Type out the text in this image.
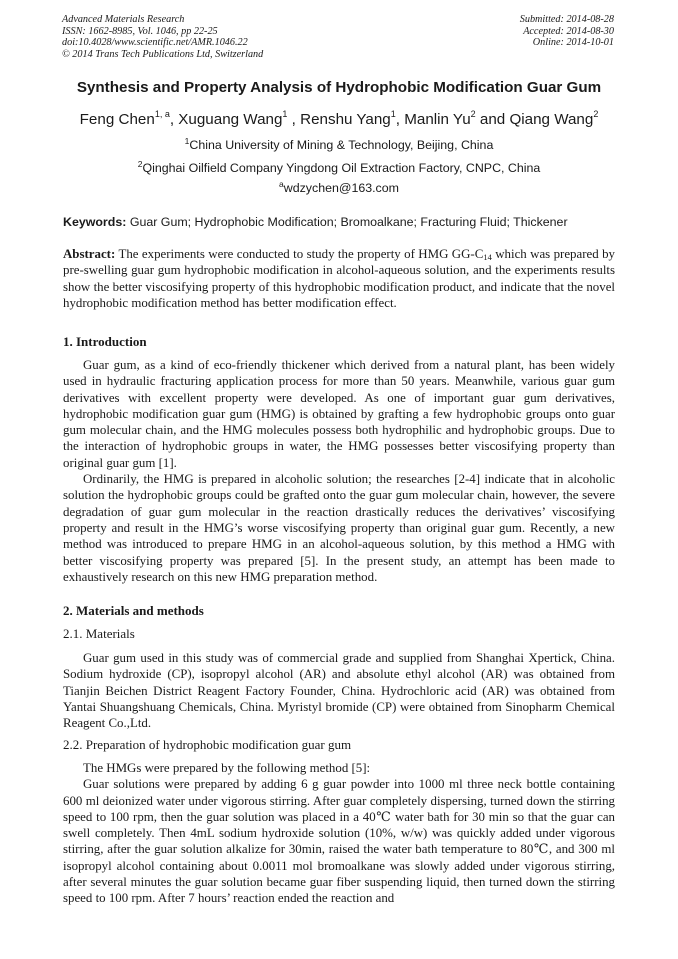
Advanced Materials Research
ISSN: 1662-8985, Vol. 1046, pp 22-25
doi:10.4028/www.scientific.net/AMR.1046.22
© 2014 Trans Tech Publications Ltd, Switzerland
Submitted: 2014-08-28
Accepted: 2014-08-30
Online: 2014-10-01
Synthesis and Property Analysis of Hydrophobic Modification Guar Gum
Feng Chen$^{1, a}$, Xuguang Wang$^1$ , Renshu Yang$^1$, Manlin Yu$^2$ and Qiang Wang$^2$
$^1$China University of Mining & Technology, Beijing, China
$^2$Qinghai Oilfield Company Yingdong Oil Extraction Factory, CNPC, China
$^a$wdzychen@163.com
Keywords: Guar Gum; Hydrophobic Modification; Bromoalkane; Fracturing Fluid; Thickener

Abstract: The experiments were conducted to study the property of HMG $GG-C_{14}$ which was prepared by pre-swelling guar gum hydrophobic modification in alcohol-aqueous solution, and the experiments results show the better viscosifying property of this hydrophobic modification product, and indicate that the novel hydrophobic modification method has better modification effect.

1. Introduction

Guar gum, as a kind of eco-friendly thickener which derived from a natural plant, has been widely used in hydraulic fracturing application process for more than 50 years. Meanwhile, various guar gum derivatives with excellent property were developed. As one of important guar gum derivatives, hydrophobic modification guar gum (HMG) is obtained by grafting a few hydrophobic groups onto guar gum molecular chain, and the HMG molecules possess both hydrophilic and hydrophobic groups. Due to the interaction of hydrophobic groups in water, the HMG possesses better viscosifying property than original guar gum [1].

Ordinarily, the HMG is prepared in alcoholic solution; the researches [2-4] indicate that in alcoholic solution the hydrophobic groups could be grafted onto the guar gum molecular chain, however, the severe degradation of guar gum molecular in the reaction drastically reduces the derivatives’ viscosifying property and result in the HMG’s worse viscosifying property than original guar gum. Recently, a new method was introduced to prepare HMG in an alcohol-aqueous solution, by this method a HMG with better viscosifying property was prepared [5]. In the present study, an attempt has been made to exhaustively research on this new HMG preparation method.

2. Materials and methods
2.1. Materials

Guar gum used in this study was of commercial grade and supplied from Shanghai Xpertick, China. Sodium hydroxide (CP), isopropyl alcohol (AR) and absolute ethyl alcohol (AR) was obtained from Tianjin Beichen District Reagent Factory Founder, China. Hydrochloric acid (AR) was obtained from Yantai Shuangshuang Chemicals, China. Myristyl bromide (CP) were obtained from Sinopharm Chemical Reagent Co.,Ltd.

2.2. Preparation of hydrophobic modification guar gum

The HMGs were prepared by the following method [5]:

Guar solutions were prepared by adding 6 g guar powder into 1000 ml three neck bottle containing 600 ml deionized water under vigorous stirring. After guar completely dispersing, turned down the stirring speed to 100 rpm, then the guar solution was placed in a 40℃ water bath for 30 min so that the guar can swell completely. Then 4mL sodium hydroxide solution (10%, w/w) was quickly added under vigorous stirring, after the guar solution alkalize for 30min, raised the water bath temperature to 80℃, and 300 ml isopropyl alcohol containing about 0.0011 mol bromoalkane was slowly added under vigorous stirring, after several minutes the guar solution became guar fiber suspending liquid, then turned down the stirring speed to 100 rpm. After 7 hours’ reaction ended the reaction and
